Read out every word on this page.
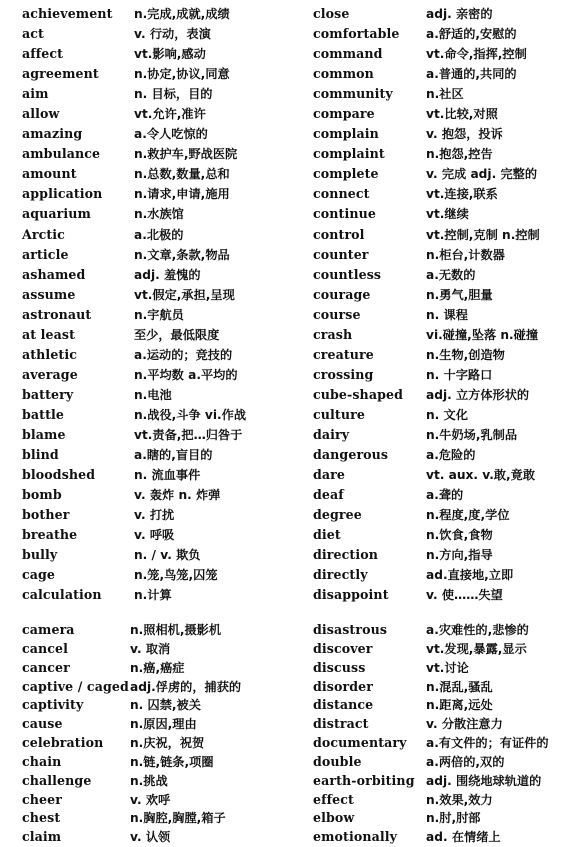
achievement n.完成,成就,成绩
act	v. 行动，表演
affect	vt.影响,感动
agreement	n.协定,协议,同意
aim	n. 目标，目的
allow	vt.允许,准许
amazing	a.令人吃惊的
ambulance	n.救护车,野战医院
amount	n.总数,数量,总和
application	n.请求,申请,施用
aquarium	n.水族馆
Arctic	a.北极的
article	n.文章,条款,物品
ashamed	adj. 羞愧的
assume	vt.假定,承担,呈现
astronaut	n.宇航员
at least	至少，最低限度
athletic	a.运动的；竞技的
average	n.平均数 a.平均的
battery	n.电池
battle	n.战役,斗争 vi.作战
blame	vt.责备,把…归咎于
blind	a.瞎的,盲目的
bloodshed	n. 流血事件
bomb	v. 轰炸 n. 炸弹
bother	v. 打扰
breathe	v. 呼吸
bully	n. / v. 欺负
cage	n.笼,鸟笼,囚笼
calculation	n.计算
close	adj. 亲密的
comfortable a.舒适的,安慰的
command	vt.命令,指挥,控制
common	a.普通的,共同的
community	n.社区
compare	vt.比较,对照
complain	v. 抱怨，投诉
complaint	n.抱怨,控告
complete	v. 完成 adj. 完整的
connect	vt.连接,联系
continue	vt.继续
control	vt.控制,克制 n.控制
counter	n.柜台,计数器
countless	a.无数的
courage	n.勇气,胆量
course	n. 课程
crash	vi.碰撞,坠落 n.碰撞
creature	n.生物,创造物
crossing	n. 十字路口
cube-shaped adj. 立方体形状的
culture	n. 文化
dairy	n.牛奶场,乳制品
dangerous	a.危险的
dare	vt. aux. v.敢,竟敢
deaf	a.聋的
degree	n.程度,度,学位
diet	n.饮食,食物
direction	n.方向,指导
directly	ad.直接地,立即
disappoint	v. 使……失望
camera	n.照相机,摄影机
cancel	v. 取消
cancer	n.癌,癌症
captive / caged adj.俘虏的，捕获的
captivity	n. 囚禁,被关
cause	n.原因,理由
celebration n.庆祝，祝贺
chain	n.链,链条,项圈
challenge	n.挑战
cheer	v. 欢呼
chest	n.胸腔,胸膛,箱子
claim	v. 认领
disastrous	a.灾难性的,悲惨的
discover	vt.发现,暴露,显示
discuss	vt.讨论
disorder	n.混乱,骚乱
distance	n.距离,远处
distract	v. 分散注意力
documentary a.有文件的；有证件的
double	a.两倍的,双的
earth-orbiting adj. 围绕地球轨道的
effect	n.效果,效力
elbow	n.肘,肘部
emotionally ad. 在情绪上
